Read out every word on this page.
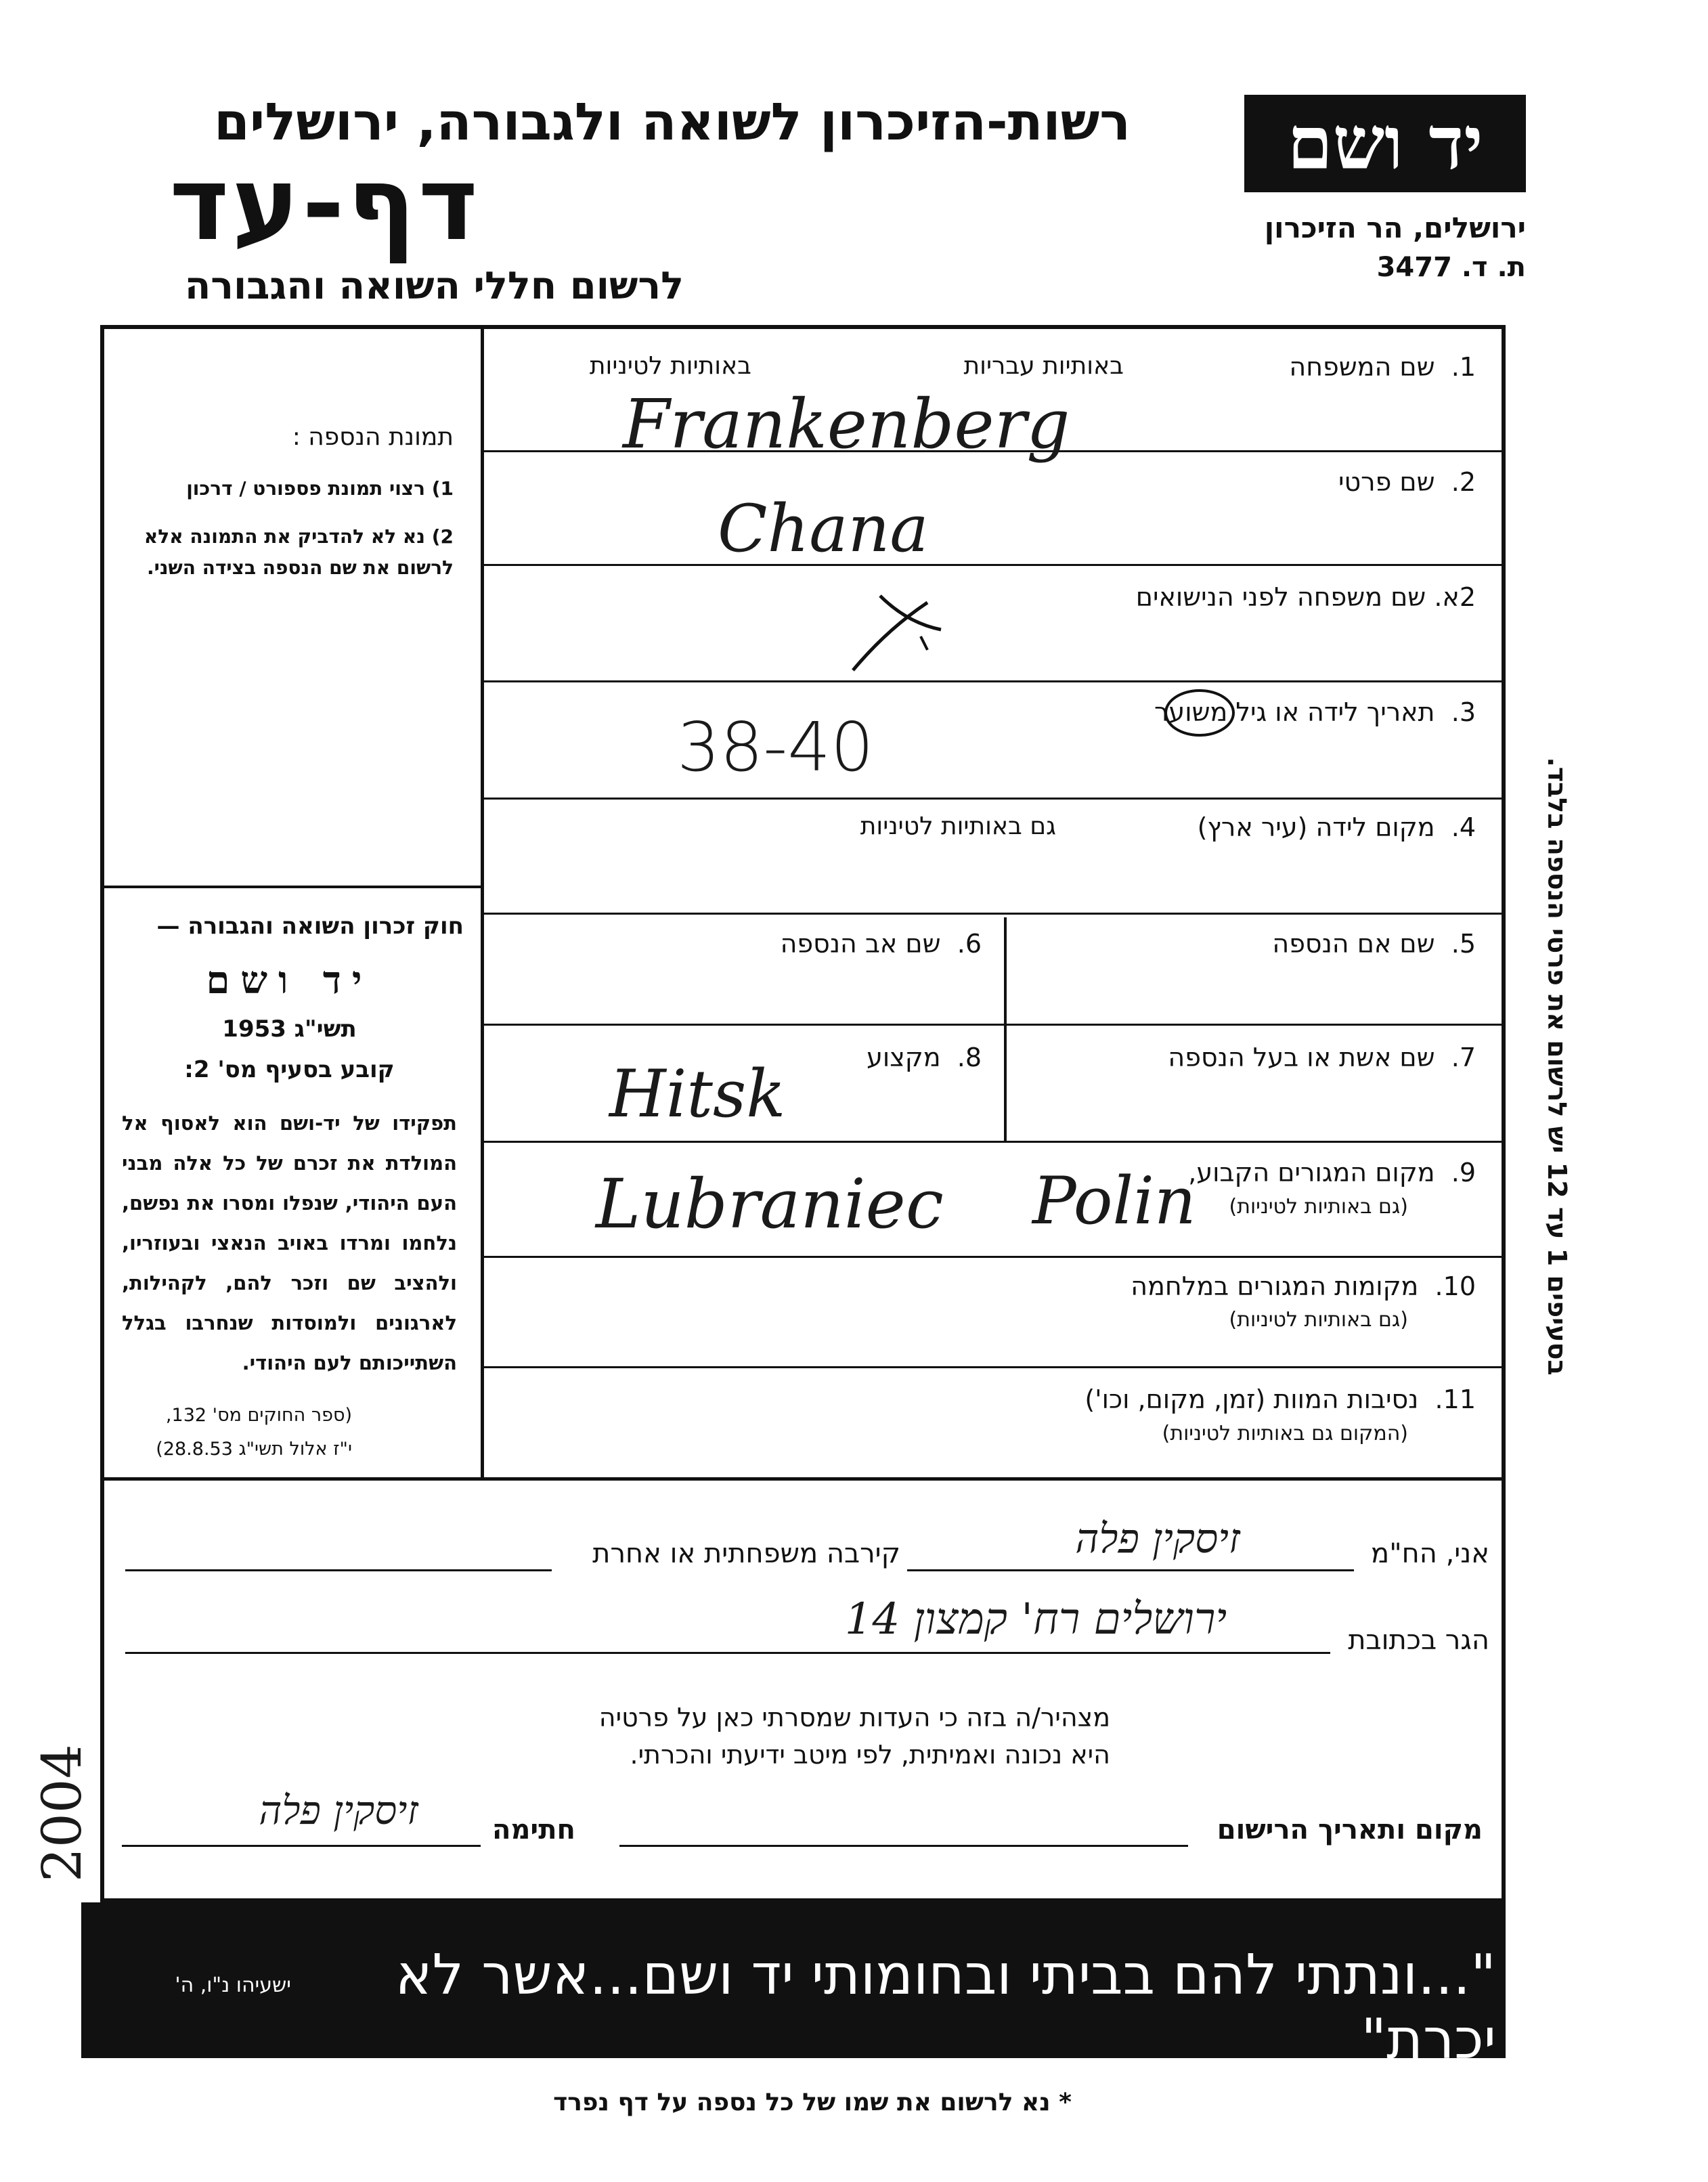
רשות-הזיכרון לשואה ולגבורה, ירושלים
דף-עד
לרשום חללי השואה והגבורה
יד ושם
ירושלים, הר הזיכרון
ת. ד. 3477
1.  שם המשפחה
באותיות עבריות
באותיות לטיניות
Frankenberg
2.  שם פרטי
Chana
2א. שם משפחה לפני הנישואים
3.  תאריך לידה או גיל משוער
38-40
4.  מקום לידה (עיר ארץ)
גם באותיות לטיניות
5.  שם אם הנספה
6.  שם אב הנספה
7.  שם אשת או בעל הנספה
8.  מקצוע
Hitsk
9.  מקום המגורים הקבוע,
(גם באותיות לטיניות)
Lubraniec Polin
10.  מקומות המגורים במלחמה
(גם באותיות לטיניות)
11.  נסיבות המוות (זמן, מקום, וכו')
(המקום גם באותיות לטיניות)
תמונת הנספה :
1) רצוי תמונת פספורט / דרכון
2) נא לא להדביק את התמונה אלא לרשום את שם הנספה בצידה השני.
חוק זכרון השואה והגבורה —
יד ושם
תשי"ג 1953
קובע בסעיף מס' 2:
תפקידו של יד-ושם הוא לאסוף אל המולדת את זכרם של כל אלה מבני העם היהודי, שנפלו ומסרו את נפשם, נלחמו ומרדו באויב הנאצי ובעוזריו, ולהציב שם וזכר להם, לקהילות, לארגונים ולמוסדות שנחרבו בגלל השתייכותם לעם היהודי.
(ספר החוקים מס' 132,
י"ז אלול תשי"ג 28.8.53)
אני, הח"מ
זיסקין פלה
קירבה משפחתית או אחרת
הגר בכתובת
ירושלים רח' קמצון 14
מצהיר/ה בזה כי העדות שמסרתי כאן על פרטיה
היא נכונה ואמיתית, לפי מיטב ידיעתי והכרתי.
חתימה
זיסקין פלה	מקום ותאריך הרישום
"...ונתתי להם בביתי ובחומותי יד ושם...אשר לא יכרת"
ישעיהו נ"ו, ה'
* נא לרשום את שמו של כל נספה על דף נפרד
בסעיפים 1 עד 12 יש לרשום את פרטי הנספה בלבד.
2004
